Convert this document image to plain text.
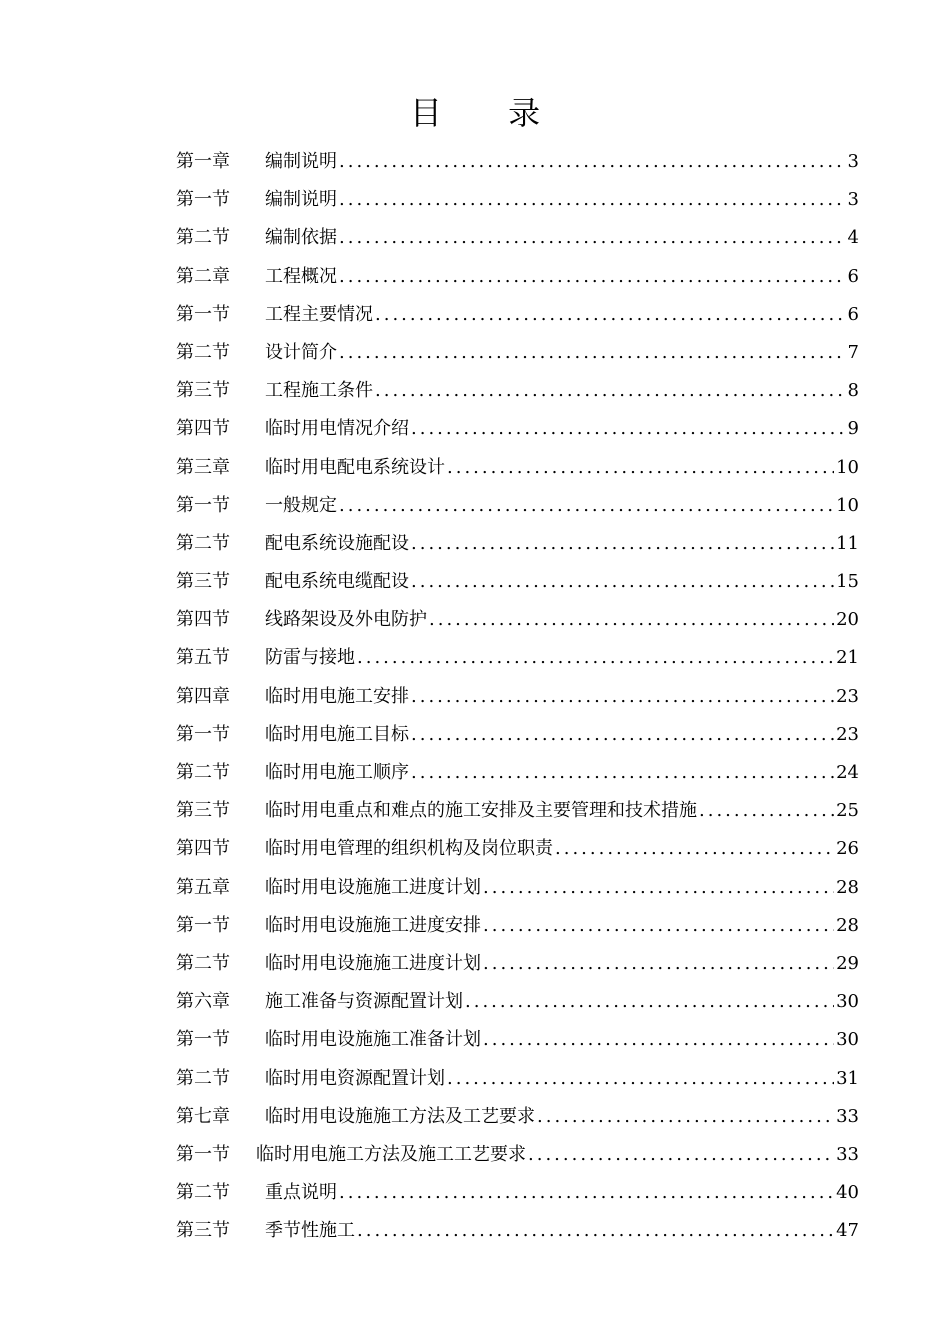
目 录
第一章	编制说明 .....	3
第一节	编制说明 .....	3
第二节	编制依据 .....	4
第二章	工程概况 .....	6
第一节	工程主要情况 .....	6
第二节	设计简介 .....	7
第三节	工程施工条件 .....	8
第四节	临时用电情况介绍 .....	9
第三章	临时用电配电系统设计 .....	10
第一节	一般规定 .....	10
第二节	配电系统设施配设 .....	11
第三节	配电系统电缆配设 .....	15
第四节	线路架设及外电防护 .....	20
第五节	防雷与接地 .....	21
第四章	临时用电施工安排 .....	23
第一节	临时用电施工目标 .....	23
第二节	临时用电施工顺序 .....	24
第三节	临时用电重点和难点的施工安排及主要管理和技术措施 .....	25
第四节	临时用电管理的组织机构及岗位职责 .....	26
第五章	临时用电设施施工进度计划 .....	28
第一节	临时用电设施施工进度安排 .....	28
第二节	临时用电设施施工进度计划 .....	29
第六章	施工准备与资源配置计划 .....	30
第一节	临时用电设施施工准备计划 .....	30
第二节	临时用电资源配置计划 .....	31
第七章	临时用电设施施工方法及工艺要求 .....	33
第一节	临时用电施工方法及施工工艺要求 .....	33
第二节	重点说明 .....	40
第三节	季节性施工 .....	47
